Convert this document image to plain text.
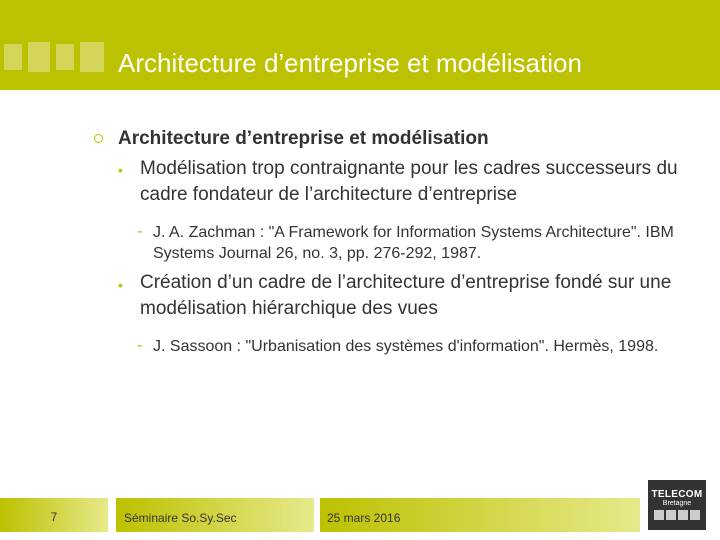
Architecture d’entreprise et modélisation
Architecture d’entreprise et modélisation
• Modélisation trop contraignante pour les cadres successeurs du cadre fondateur de l’architecture d’entreprise
- J. A. Zachman : "A Framework for Information Systems Architecture". IBM Systems Journal 26, no. 3, pp. 276-292, 1987.
• Création d’un cadre de l’architecture d’entreprise fondé sur une modélisation hiérarchique des vues
- J. Sassoon : "Urbanisation des systèmes d'information". Hermès, 1998.
7	Séminaire So.Sy.Sec	25 mars 2016
TELECOM
Bretagne
